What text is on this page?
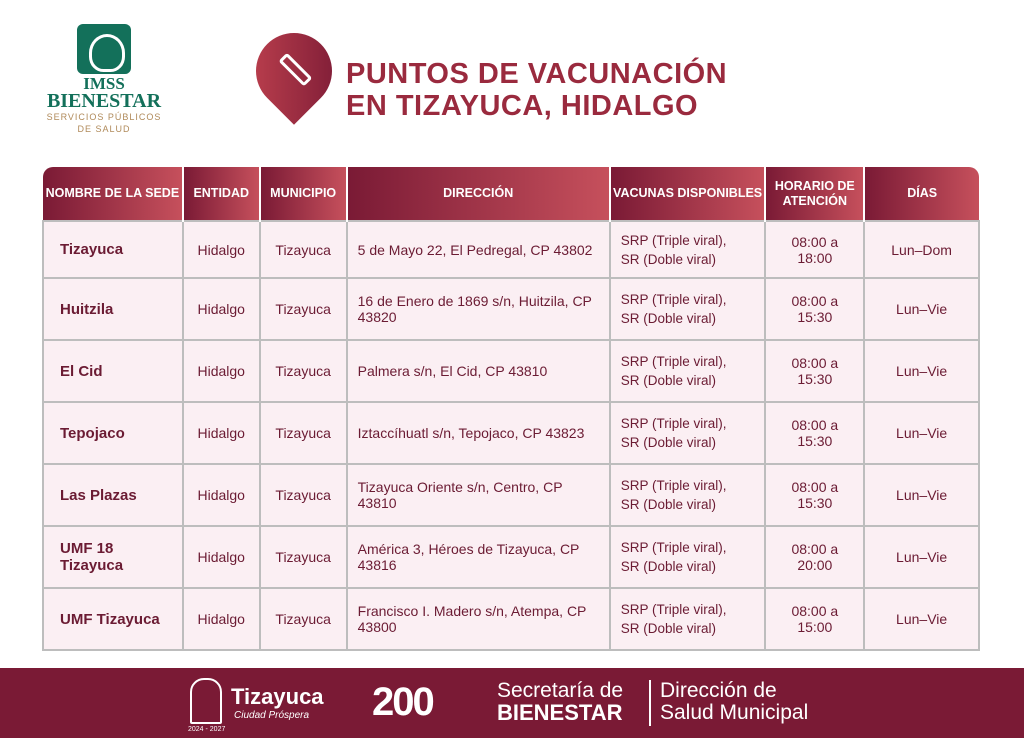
IMSS
BIENESTAR
SERVICIOS PÚBLICOS
DE SALUD
PUNTOS DE VACUNACIÓN
EN TIZAYUCA, HIDALGO
NOMBRE DE LA SEDE	ENTIDAD	MUNICIPIO	DIRECCIÓN	VACUNAS DISPONIBLES	HORARIO DE ATENCIÓN	DÍAS
Tizayuca	Hidalgo	Tizayuca	5 de Mayo 22, El Pedregal, CP 43802	SRP (Triple viral),
SR (Doble viral)	08:00 a 18:00	Lun–Dom
Huitzila	Hidalgo	Tizayuca	16 de Enero de 1869 s/n, Huitzila, CP 43820	SRP (Triple viral),
SR (Doble viral)	08:00 a 15:30	Lun–Vie
El Cid	Hidalgo	Tizayuca	Palmera s/n, El Cid, CP 43810	SRP (Triple viral),
SR (Doble viral)	08:00 a 15:30	Lun–Vie
Tepojaco	Hidalgo	Tizayuca	Iztaccíhuatl s/n, Tepojaco, CP 43823	SRP (Triple viral),
SR (Doble viral)	08:00 a 15:30	Lun–Vie
Las Plazas	Hidalgo	Tizayuca	Tizayuca Oriente s/n, Centro, CP 43810	SRP (Triple viral),
SR (Doble viral)	08:00 a 15:30	Lun–Vie
UMF 18 Tizayuca	Hidalgo	Tizayuca	América 3, Héroes de Tizayuca, CP 43816	SRP (Triple viral),
SR (Doble viral)	08:00 a 20:00	Lun–Vie
UMF Tizayuca	Hidalgo	Tizayuca	Francisco I. Madero s/n, Atempa, CP 43800	SRP (Triple viral),
SR (Doble viral)	08:00 a 15:00	Lun–Vie
2024 - 2027
Tizayuca
Ciudad Próspera 200	Secretaría de
BIENESTAR
Dirección de
Salud Municipal
